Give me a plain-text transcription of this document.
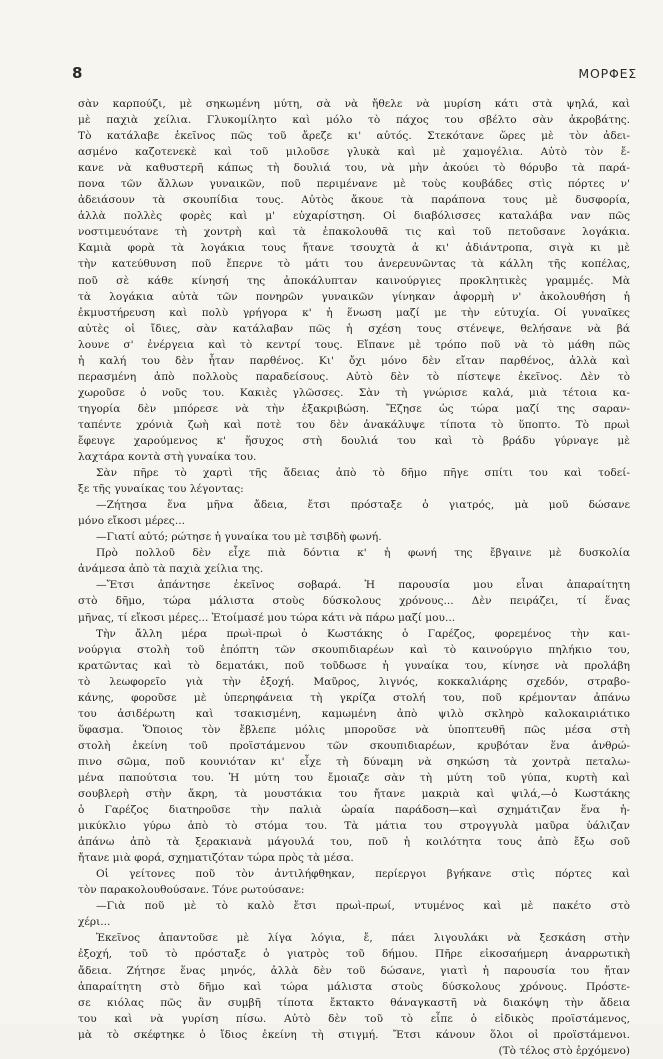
8	ΜΟΡΦΕΣ
σὰν καρπούζι, μὲ σηκωμένη μύτη, σὰ νὰ ἤθελε νὰ μυρίση κάτι στὰ ψηλά, καὶ
μὲ παχιὰ χείλια. Γλυκομίλητο καὶ μόλο τὸ πάχος του σβέλτο σὰν ἀκροβάτης.
Τὸ κατάλαβε ἐκεῖνος πῶς τοῦ ἄρεζε κι' αὐτός. Στεκότανε ὥρες μὲ τὸν ἀδει-
ασμένο καζοτενεκὲ καὶ τοῦ μιλοῦσε γλυκὰ καὶ μὲ χαμογέλια. Αὐτὸ τὸν ἔ-
κανε νὰ καθυστερῆ κάπως τὴ δουλιά του, νὰ μὴν ἀκούει τὸ θόρυβο τὰ παρά-
πονα τῶν ἄλλων γυναικῶν, ποῦ περιμένανε μὲ τοὺς κουβάδες στὶς πόρτες ν'
ἀδειάσουν τὰ σκουπίδια τους. Αὐτὸς ἄκουε τὰ παράπονα τους μὲ δυσφορία,
ἀλλὰ πολλὲς φορὲς καὶ μ' εὐχαρίστηση. Οἱ διαβόλισσες καταλάβα ναν πῶς
νοστιμευότανε τὴ χοντρὴ καὶ τὰ ἐπακολουθᾶ τις καὶ τοῦ πετοῦσανε λογάκια.
Καμιὰ φορὰ τὰ λογάκια τους ἤτανε τσουχτὰ ἀ κι' ἀδιάντροπα, σιγὰ κι μὲ
τὴν κατεύθυνση ποῦ ἔπερνε τὸ μάτι του ἀνερευνῶντας τὰ κάλλη τῆς κοπέλας,
ποῦ σὲ κάθε κίνησή της ἀποκάλυπταν καινούργιες προκλητικὲς γραμμές. Μὰ
τὰ λογάκια αὐτὰ τῶν πονηρῶν γυναικῶν γίνηκαν ἀφορμὴ ν' ἀκολουθήση ἡ
ἐκμυστήρευση καὶ πολὺ γρήγορα κ' ἡ ἕνωση μαζί με τὴν εὐτυχία. Οἱ γυναῖκες
αὐτὲς οἱ ἴδιες, σὰν κατάλαβαν πῶς ἡ σχέση τους στένεψε, θελήσανε νὰ βά
λουνε σ' ἐνέργεια καὶ τὸ κεντρί τους. Εἴπανε μὲ τρόπο ποῦ νὰ τὸ μάθη πῶς
ἡ καλή του δὲν ἦταν παρθένος. Κι' ὄχι μόνο δὲν εἴταν παρθένος, ἀλλὰ καὶ
περασμένη ἀπὸ πολλοὺς παραδείσους. Αὐτὸ δὲν τὸ πίστεψε ἐκεῖνος. Δὲν τὸ
χωροῦσε ὁ νοῦς του. Κακιὲς γλῶσσες. Σὰν τὴ γνώρισε καλά, μιὰ τέτοια κα-
τηγορία δὲν μπόρεσε νὰ τὴν ἐξακριβώση. Ἔζησε ὡς τώρα μαζί της σαραν-
ταπέντε χρόνιὰ ζωὴ καὶ ποτὲ του δὲν ἀνακάλυψε τίποτα τὸ ὕποπτο. Τὸ πρωὶ
ἔφευγε χαρούμενος κ' ἥσυχος στὴ δουλιά του καὶ τὸ βράδυ γύρναγε μὲ
λαχτάρα κοντὰ στὴ γυναίκα του.
Σὰν πῆρε τὸ χαρτὶ τῆς ἄδειας ἀπὸ τὸ δῆμο πῆγε σπίτι του καὶ τοδεί-
ξε τῆς γυναίκας του λέγοντας:
—Ζήτησα ἕνα μῆνα ἄδεια, ἔτσι πρόσταξε ὁ γιατρός, μὰ μοῦ δώσανε
μόνο εἴκοσι μέρες...
—Γιατί αὐτό; ρώτησε ἡ γυναίκα του μὲ τσιβδὴ φωνή.
Πρὸ πολλοῦ δὲν εἶχε πιὰ δόντια κ' ἡ φωνή της ἔβγαινε μὲ δυσκολία
ἀνάμεσα ἀπὸ τὰ παχιὰ χείλια της.
—Ἔτσι ἀπάντησε ἐκεῖνος σοβαρά. Ἡ παρουσία μου εἶναι ἀπαραίτητη
στὸ δῆμο, τώρα μάλιστα στοὺς δύσκολους χρόνους... Δὲν πειράζει, τί ἕνας
μῆνας, τί εἴκοσι μέρες... Ἑτοίμασέ μου τώρα κάτι νὰ πάρω μαζί μου...
Τὴν ἄλλη μέρα πρωὶ-πρωὶ ὁ Κωστάκης ὁ Γαρέζος, φορεμένος τὴν και-
νούργια στολὴ τοῦ ἐπόπτη τῶν σκουπιδιαρέων καὶ τὸ καινούργιο πηλήκιο του,
κρατῶντας καὶ τὸ δεματάκι, ποῦ τοῦδωσε ἡ γυναίκα του, κίνησε νὰ προλάβη
τὸ λεωφορεῖο γιὰ τὴν ἐξοχή. Μαῦρος, λιγνός, κοκκαλιάρης σχεδόν, στραβο-
κάνης, φοροῦσε μὲ ὑπερηφάνεια τὴ γκρίζα στολή του, ποῦ κρέμονταν ἀπάνω
του ἀσιδέρωτη καὶ τσακισμένη, καμωμένη ἀπὸ ψιλὸ σκληρὸ καλοκαιριάτικο
ὕφασμα. Ὅποιος τὸν ἔβλεπε μόλις μποροῦσε νὰ ὑποπτευθῆ πῶς μέσα στὴ
στολὴ ἐκείνη τοῦ προϊστάμενου τῶν σκουπιδιαρέων, κρυβόταν ἕνα ἀνθρώ-
πινο σῶμα, ποῦ κουνιόταν κι' εἶχε τὴ δύναμη νὰ σηκώση τὰ χοντρὰ πεταλω-
μένα παπούτσια του. Ἡ μύτη του ἔμοιαζε σὰν τὴ μύτη τοῦ γύπα, κυρτὴ καὶ
σουβλερὴ στὴν ἄκρη, τὰ μουστάκια του ἤτανε μακριὰ καὶ ψιλά,—ὁ Κωστάκης
ὁ Γαρέζος διατηροῦσε τὴν παλιὰ ὡραία παράδοση—καὶ σχημάτιζαν ἕνα ἡ-
μικύκλιο γύρω ἀπὸ τὸ στόμα του. Τὰ μάτια του στρογγυλὰ μαῦρα ὑάλιζαν
ἀπάνω ἀπὸ τὰ ξερακιανὰ μάγουλά του, ποῦ ἡ κοιλότητα τους ἀπὸ ἔξω σοῦ
ἤτανε μιὰ φορά, σχηματιζόταν τώρα πρὸς τὰ μέσα.
Οἱ γείτονες ποῦ τὸν ἀντιλήφθηκαν, περίεργοι βγήκανε στὶς πόρτες καὶ
τὸν παρακολουθούσανε. Τόνε ρωτούσανε:
—Γιὰ ποῦ μὲ τὸ καλὸ ἔτσι πρωὶ-πρωί, ντυμένος καὶ μὲ πακέτο στὸ
χέρι...
Ἐκεῖνος ἀπαντοῦσε μὲ λίγα λόγια, ἔ, πάει λιγουλάκι νὰ ξεσκάση στὴν
ἐξοχή, τοῦ τὸ πρόσταξε ὁ γιατρὸς τοῦ δήμου. Πῆρε εἰκοσαήμερη ἀναρρωτικὴ
ἄδεια. Ζήτησε ἕνας μηνός, ἀλλὰ δὲν τοῦ δώσανε, γιατὶ ἡ παρουσία του ἤταν
ἀπαραίτητη στὸ δῆμο καὶ τώρα μάλιστα στοὺς δύσκολους χρόνους. Πρόστε-
σε κιόλας πῶς ἂν συμβῆ τίποτα ἔκτακτο θάναγκαστῆ νὰ διακόψη τὴν ἄδεια
του καὶ νὰ γυρίση πίσω. Αὐτὸ δὲν τοῦ τὸ εἶπε ὁ εἰδικὸς προϊστάμενος,
μὰ τὸ σκέφτηκε ὁ ἴδιος ἐκείνη τὴ στιγμή. Ἔτσι κάνουν ὅλοι οἱ προϊστάμενοι.
(Τὸ τέλος στὸ ἐρχόμενο)
